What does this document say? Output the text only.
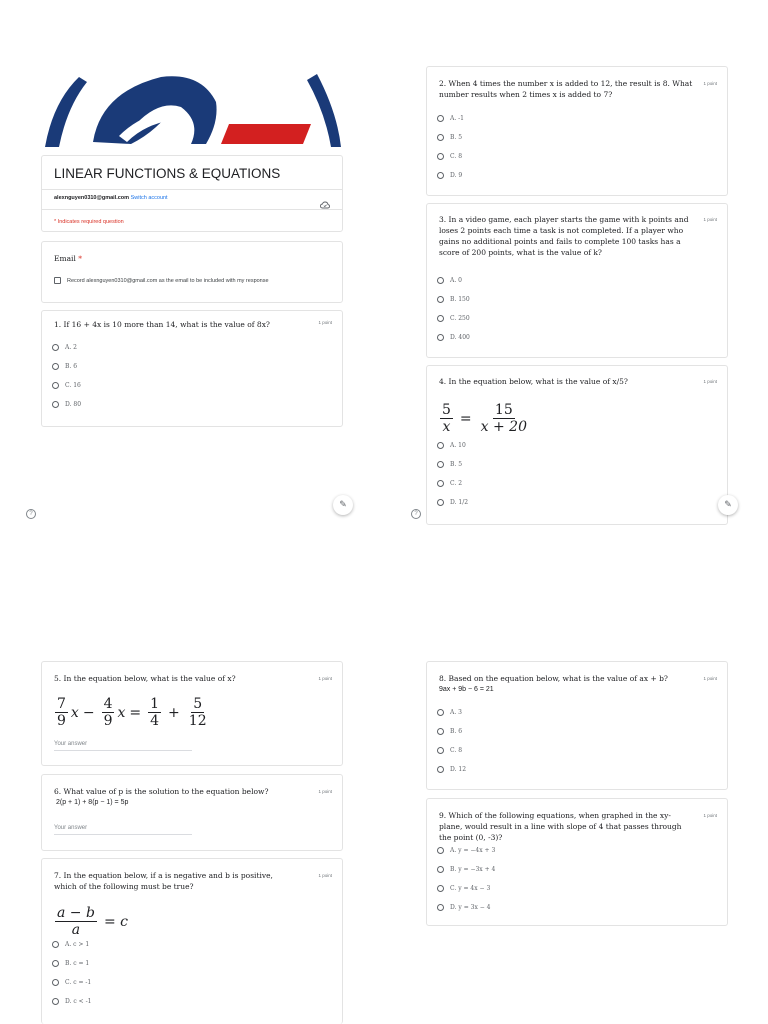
LINEAR FUNCTIONS & EQUATIONS
alexnguyen0310@gmail.com Switch account
* Indicates required question
Email *
Record alexnguyen0310@gmail.com as the email to be included with my response
1. If 16 + 4x is 10 more than 14, what is the value of 8x?	1 point
A. 2
B. 6
C. 16
D. 80
?
✎
2. When 4 times the number x is added to 12, the result is 8. What number results when 2 times x is added to 7?
1 point
A. -1
B. 5
C. 8
D. 9
3. In a video game, each player starts the game with k points and loses 2 points each time a task is not completed. If a player who gains no additional points and fails to complete 100 tasks has a score of 200 points, what is the value of k?
1 point
A. 0
B. 150
C. 250
D. 400
4. In the equation below, what is the value of x/5?	1 point
$\frac{5}{x} = \frac{15}{x + 20}$
A. 10
B. 5
C. 2
D. 1/2
?
✎
5. In the equation below, what is the value of x?	1 point
$\frac{7}{9}$ $x - \frac{4}{9}$ $x = \frac{1}{4} + \frac{5}{12}$
Your answer
6. What value of p is the solution to the equation below?
2(p + 1) + 8(p − 1) = 5p
1 point
Your answer
7. In the equation below, if a is negative and b is positive, which of the following must be true?
1 point
$\frac{a - b}{a} = c$
A. c > 1
B. c = 1
C. c = -1
D. c < -1
8. Based on the equation below, what is the value of ax + b?
9ax + 9b − 6 = 21
1 point
A. 3
B. 6
C. 8
D. 12
9. Which of the following equations, when graphed in the xy-plane, would result in a line with slope of 4 that passes through the point (0, -3)?
1 point
A. y = −4x + 3
B. y = −3x + 4
C. y = 4x − 3
D. y = 3x − 4
